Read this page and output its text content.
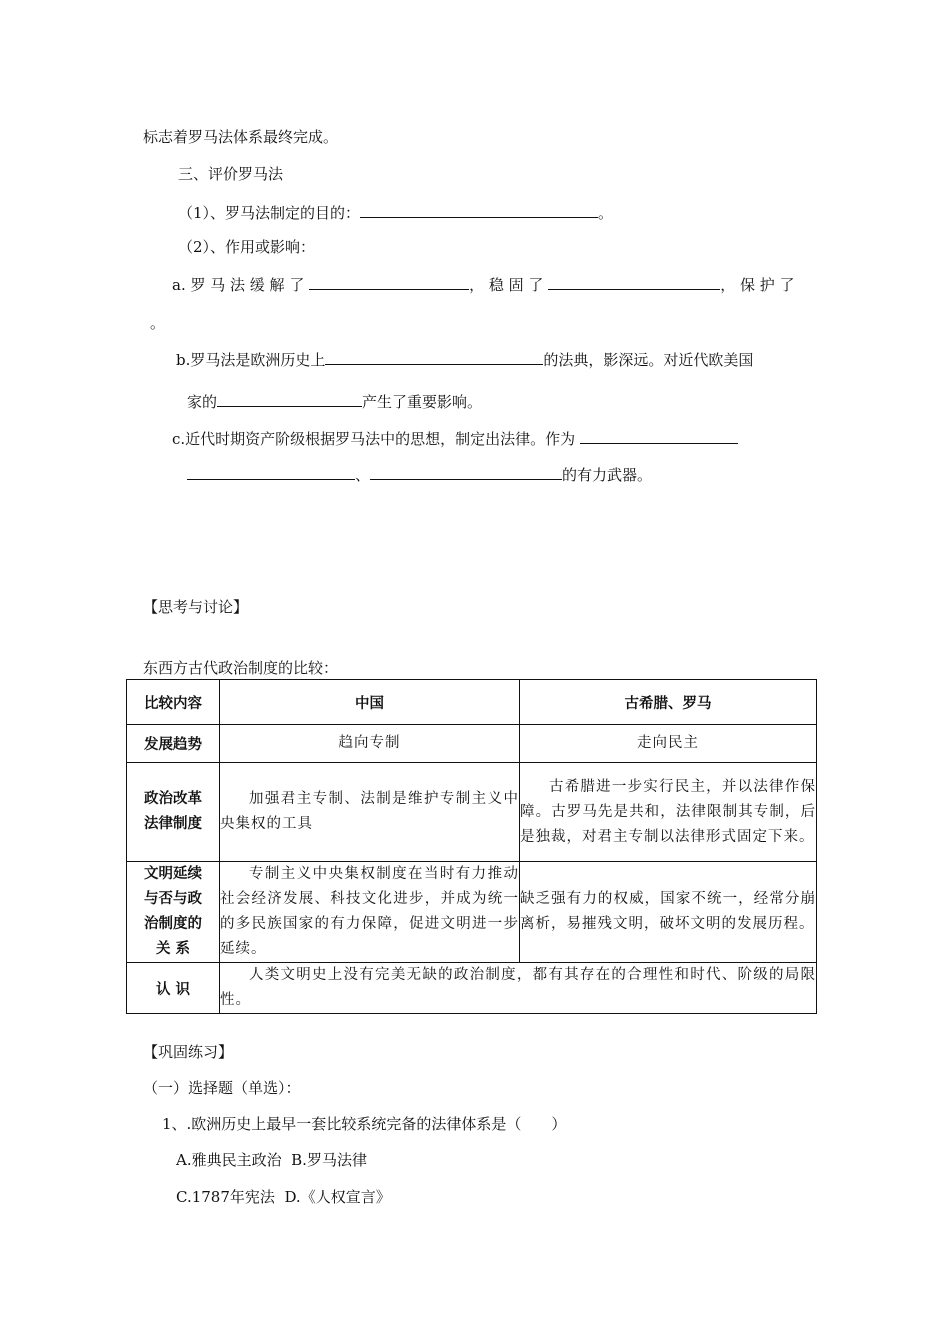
标志着罗马法体系最终完成。
三、评价罗马法
（1）、罗马法制定的目的：	。
（2）、作用或影响：
a. 罗 马 法 缓 解 了	， 稳 固 了	， 保 护 了
。
b.罗马法是欧洲历史上	的法典，影深远。对近代欧美国
家的	产生了重要影响。
c.近代时期资产阶级根据罗马法中的思想，制定出法律。作为
、	的有力武器。
【思考与讨论】
东西方古代政治制度的比较：
比较内容	中国	古希腊、罗马
发展趋势	趋向专制	走向民主
政治改革法律制度	加强君主专制、法制是维护专制主义中央集权的工具	古希腊进一步实行民主，并以法律作保障。古罗马先是共和，法律限制其专制，后是独裁，对君主专制以法律形式固定下来。
文明延续与否与政治制度的关 系	专制主义中央集权制度在当时有力推动社会经济发展、科技文化进步，并成为统一的多民族国家的有力保障，促进文明进一步延续。	缺乏强有力的权威，国家不统一，经常分崩离析，易摧残文明，破坏文明的发展历程。
认 识	人类文明史上没有完美无缺的政治制度，都有其存在的合理性和时代、阶级的局限性。	
【巩固练习】
（一）选择题（单选）：
1、.欧洲历史上最早一套比较系统完备的法律体系是（　　）
A.雅典民主政治 B.罗马法律
C.1787年宪法 D.《人权宣言》
